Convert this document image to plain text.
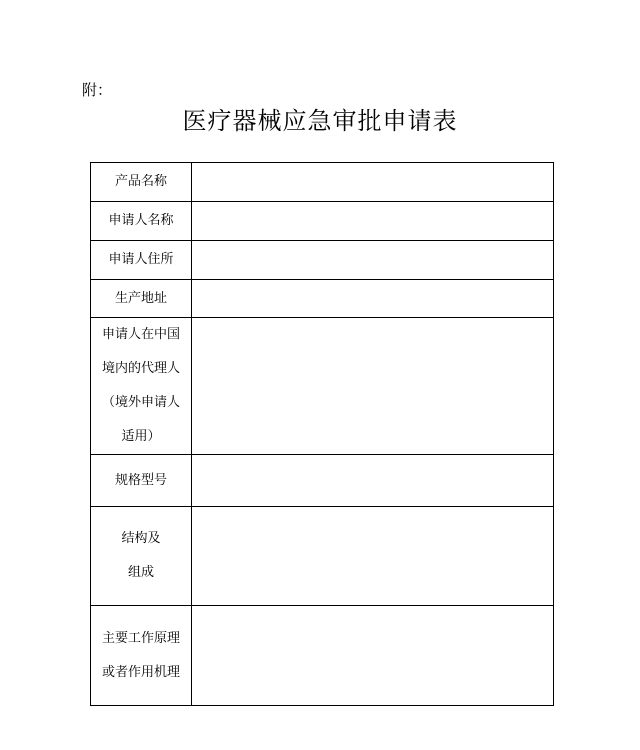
附：
医疗器械应急审批申请表
产品名称	

申请人名称	

申请人住所	

生产地址	

申请人在中国
境内的代理人
（境外申请人
适用）	

规格型号	

结构及
组成	

主要工作原理
或者作用机理	
